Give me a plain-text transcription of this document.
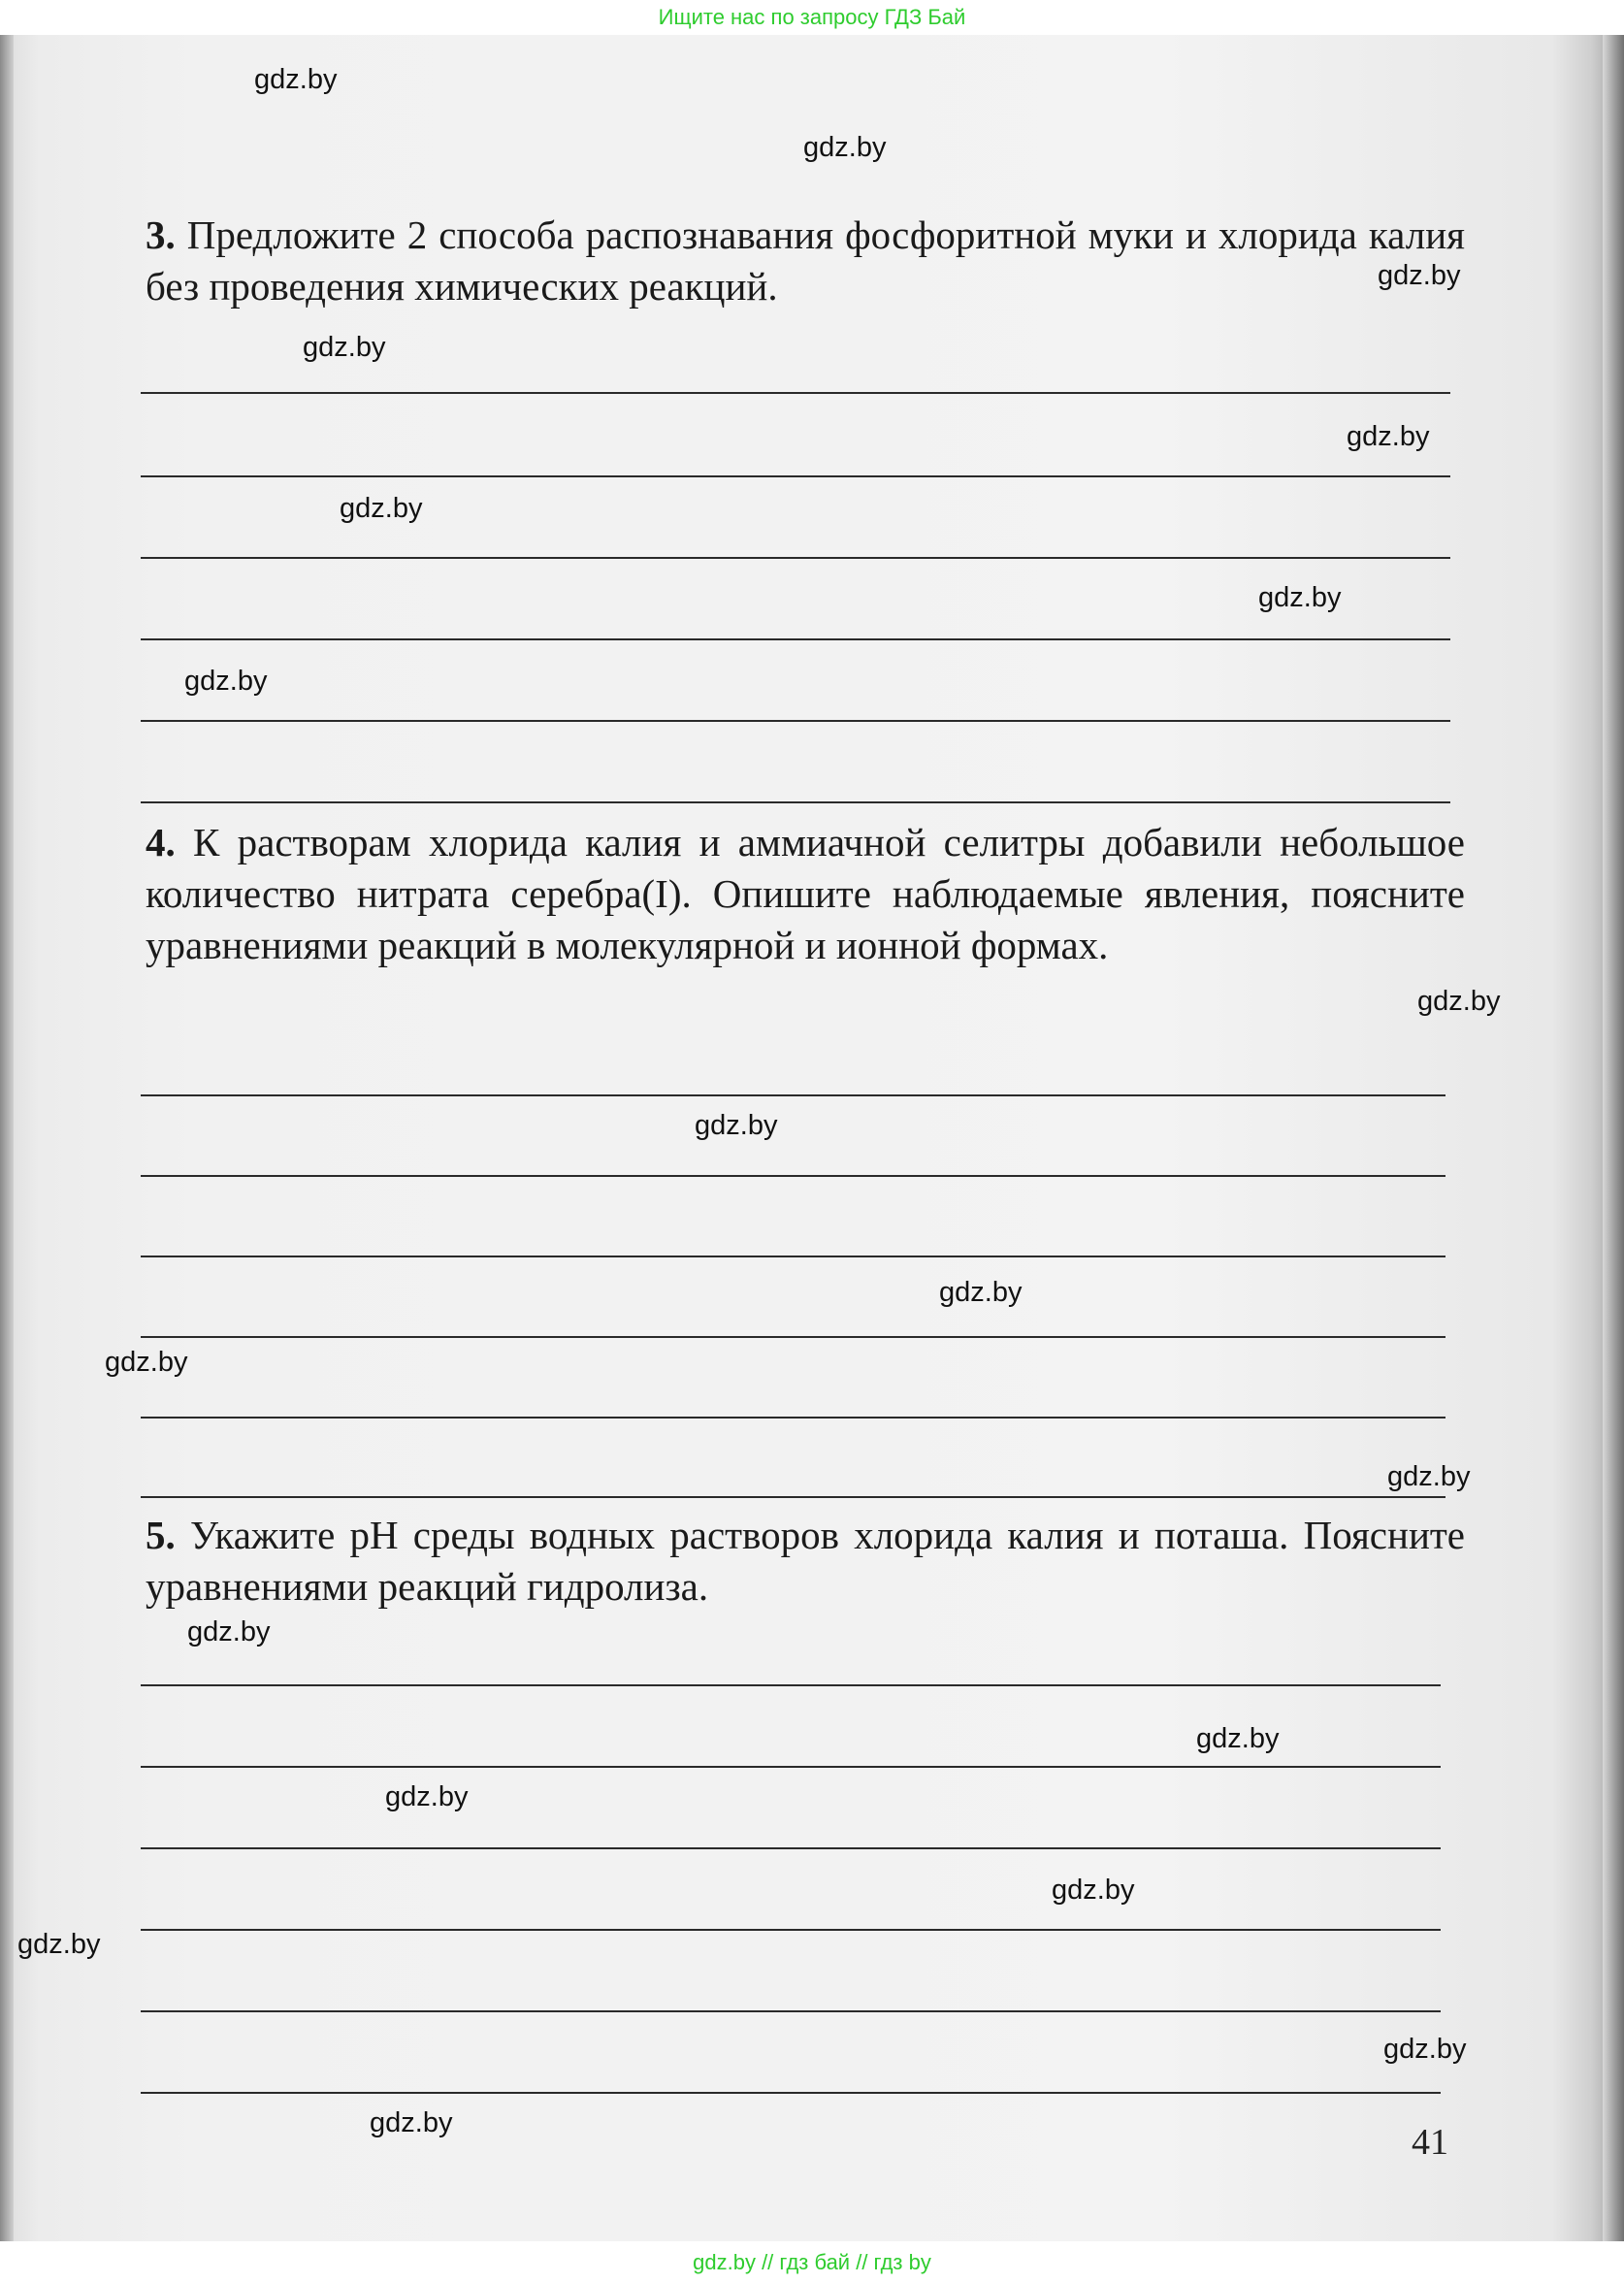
Ищите нас по запросу ГДЗ Бай
3. Предложите 2 способа распознавания фосфоритной муки и хлорида калия без проведения химических реакций.
4. К растворам хлорида калия и аммиачной селитры добавили небольшое количество нитрата серебра(I). Опишите наблюдаемые явления, поясните уравнениями реакций в молекулярной и ионной формах.
5. Укажите pH среды водных растворов хлорида калия и поташа. Поясните уравнениями реакций гидролиза.
gdz.by
gdz.by
gdz.by
gdz.by
gdz.by
gdz.by
gdz.by
gdz.by
gdz.by
gdz.by
gdz.by
gdz.by
gdz.by
gdz.by
gdz.by
gdz.by
gdz.by
gdz.by
gdz.by
gdz.by	41
gdz.by // гдз бай // гдз by
